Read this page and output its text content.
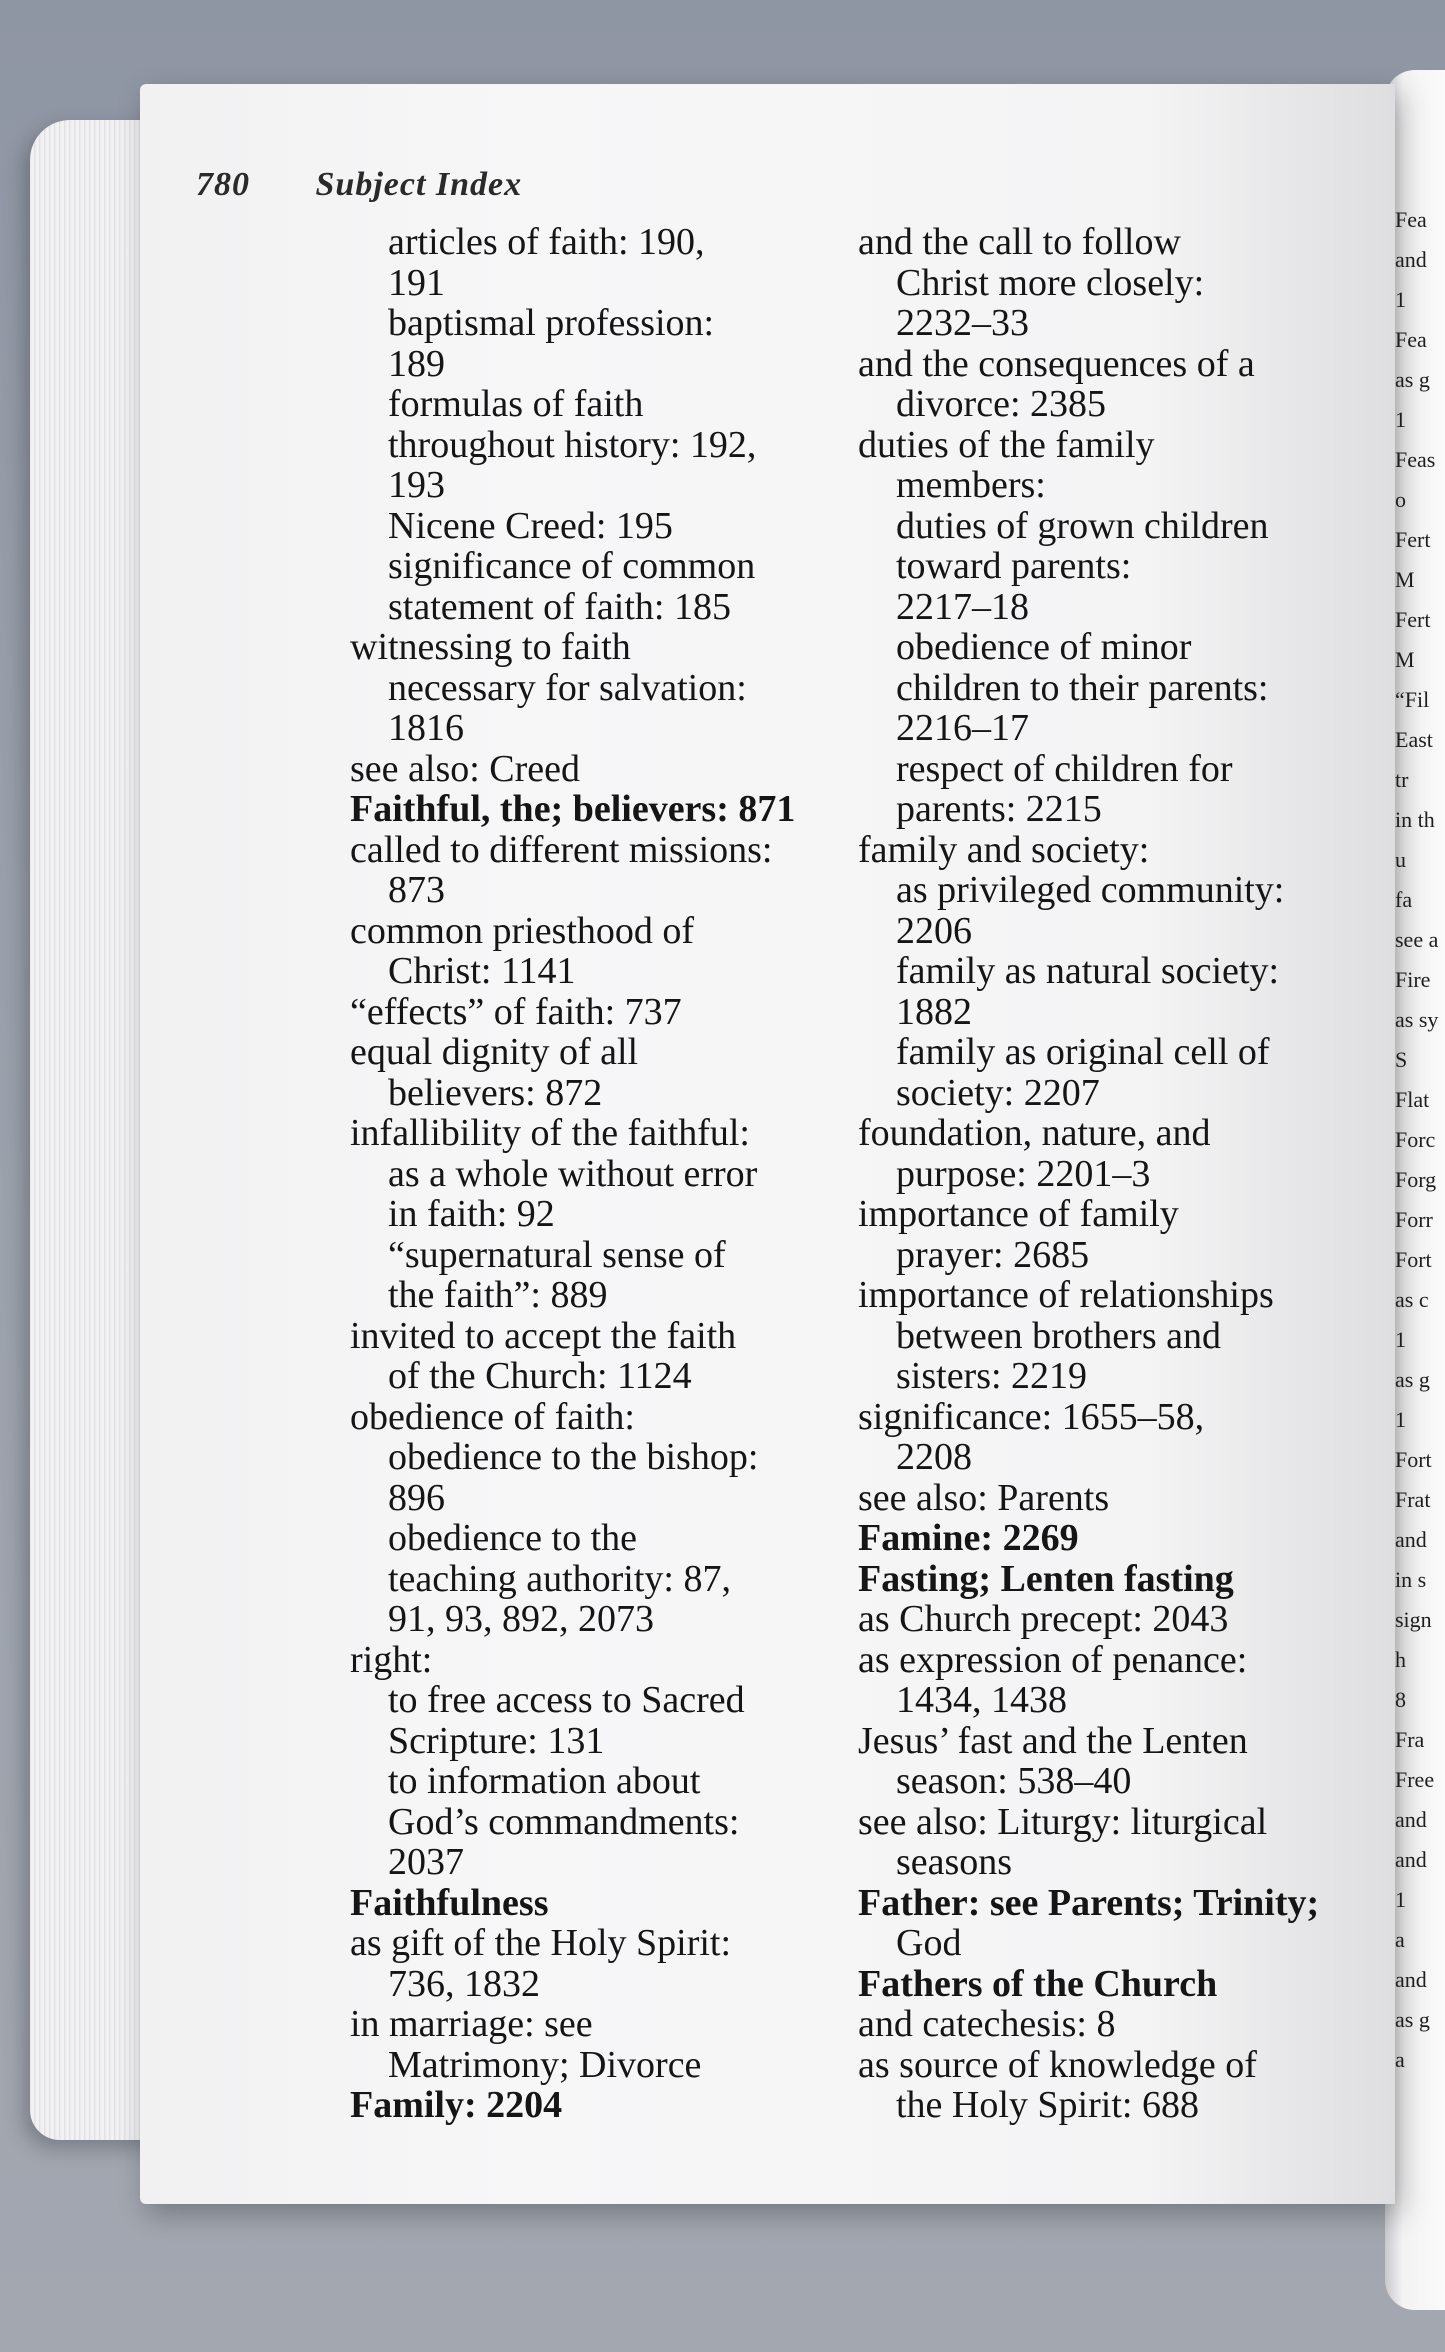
780 Subject Index
articles of faith: 190,
191
baptismal profession:
189
formulas of faith
throughout history: 192,
193
Nicene Creed: 195
significance of common
statement of faith: 185
witnessing to faith
necessary for salvation:
1816
see also: Creed
Faithful, the; believers: 871
called to different missions:
873
common priesthood of
Christ: 1141
“effects” of faith: 737
equal dignity of all
believers: 872
infallibility of the faithful:
as a whole without error
in faith: 92
“supernatural sense of
the faith”: 889
invited to accept the faith
of the Church: 1124
obedience of faith:
obedience to the bishop:
896
obedience to the
teaching authority: 87,
91, 93, 892, 2073
right:
to free access to Sacred
Scripture: 131
to information about
God’s commandments:
2037
Faithfulness
as gift of the Holy Spirit:
736, 1832
in marriage: see
Matrimony; Divorce
Family: 2204
and the call to follow
Christ more closely:
2232–33
and the consequences of a
divorce: 2385
duties of the family
members:
duties of grown children
toward parents:
2217–18
obedience of minor
children to their parents:
2216–17
respect of children for
parents: 2215
family and society:
as privileged community:
2206
family as natural society:
1882
family as original cell of
society: 2207
foundation, nature, and
purpose: 2201–3
importance of family
prayer: 2685
importance of relationships
between brothers and
sisters: 2219
significance: 1655–58,
2208
see also: Parents
Famine: 2269
Fasting; Lenten fasting
as Church precept: 2043
as expression of penance:
1434, 1438
Jesus’ fast and the Lenten
season: 538–40
see also: Liturgy: liturgical
seasons
Father: see Parents; Trinity;
God
Fathers of the Church
and catechesis: 8
as source of knowledge of
the Holy Spirit: 688
Fea
and
1
Fea
as g
1
Feas
o
Fert
M
Fert
M
“Fil
East
tr
in th
u
fa
see a
Fire
as sy
S
Flat
Forc
Forg
Forr
Fort
as c
1
as g
1
Fort
Frat
and
in s
sign
h
8
Fra
Free
and
and
1
a
and
as g
a
